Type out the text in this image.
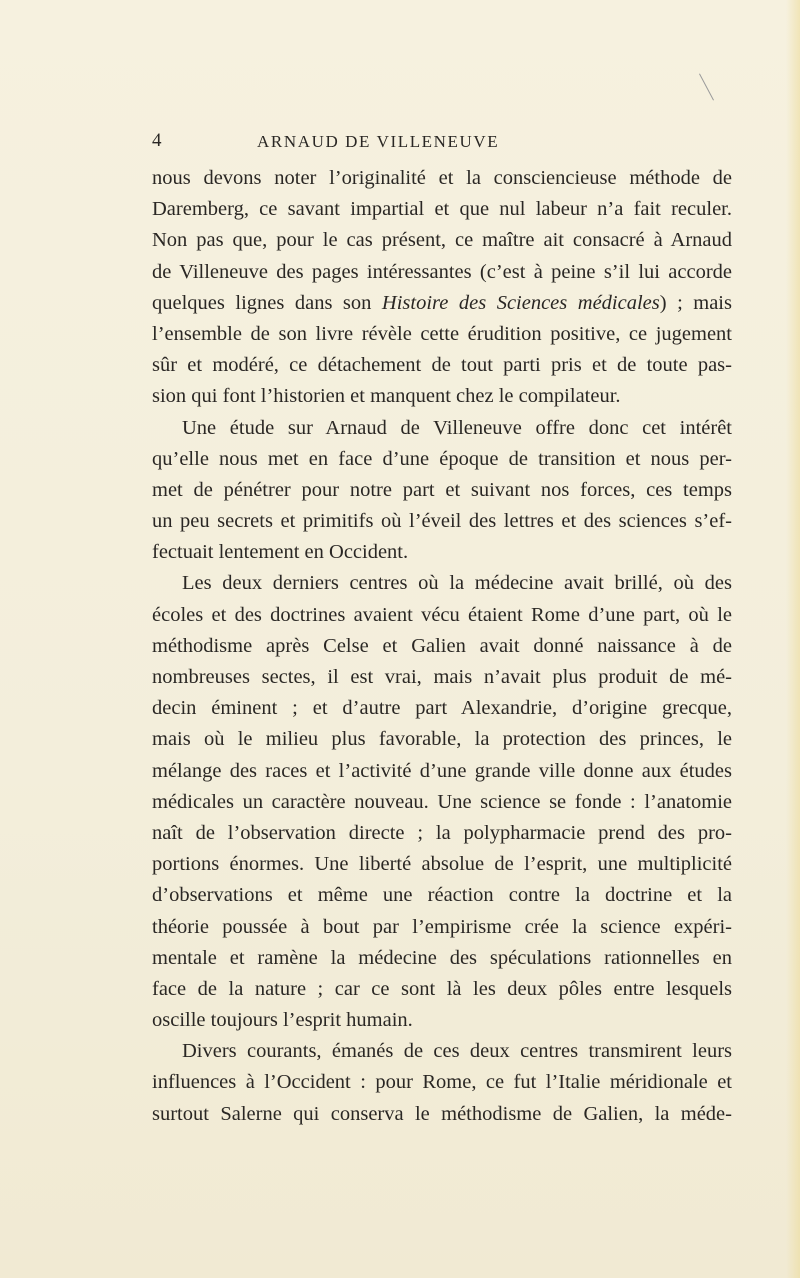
4	ARNAUD DE VILLENEUVE
nous devons noter l’originalité et la consciencieuse méthode de
Daremberg, ce savant impartial et que nul labeur n’a fait reculer.
Non pas que, pour le cas présent, ce maître ait consacré à Arnaud
de Villeneuve des pages intéressantes (c’est à peine s’il lui accorde
quelques lignes dans son Histoire des Sciences médicales) ; mais
l’ensemble de son livre révèle cette érudition positive, ce jugement
sûr et modéré, ce détachement de tout parti pris et de toute pas-
sion qui font l’historien et manquent chez le compilateur.
Une étude sur Arnaud de Villeneuve offre donc cet intérêt
qu’elle nous met en face d’une époque de transition et nous per-
met de pénétrer pour notre part et suivant nos forces, ces temps
un peu secrets et primitifs où l’éveil des lettres et des sciences s’ef-
fectuait lentement en Occident.
Les deux derniers centres où la médecine avait brillé, où des
écoles et des doctrines avaient vécu étaient Rome d’une part, où le
méthodisme après Celse et Galien avait donné naissance à de
nombreuses sectes, il est vrai, mais n’avait plus produit de mé-
decin éminent ; et d’autre part Alexandrie, d’origine grecque,
mais où le milieu plus favorable, la protection des princes, le
mélange des races et l’activité d’une grande ville donne aux études
médicales un caractère nouveau. Une science se fonde : l’anatomie
naît de l’observation directe ; la polypharmacie prend des pro-
portions énormes. Une liberté absolue de l’esprit, une multiplicité
d’observations et même une réaction contre la doctrine et la
théorie poussée à bout par l’empirisme crée la science expéri-
mentale et ramène la médecine des spéculations rationnelles en
face de la nature ; car ce sont là les deux pôles entre lesquels
oscille toujours l’esprit humain.
Divers courants, émanés de ces deux centres transmirent leurs
influences à l’Occident : pour Rome, ce fut l’Italie méridionale et
surtout Salerne qui conserva le méthodisme de Galien, la méde-
